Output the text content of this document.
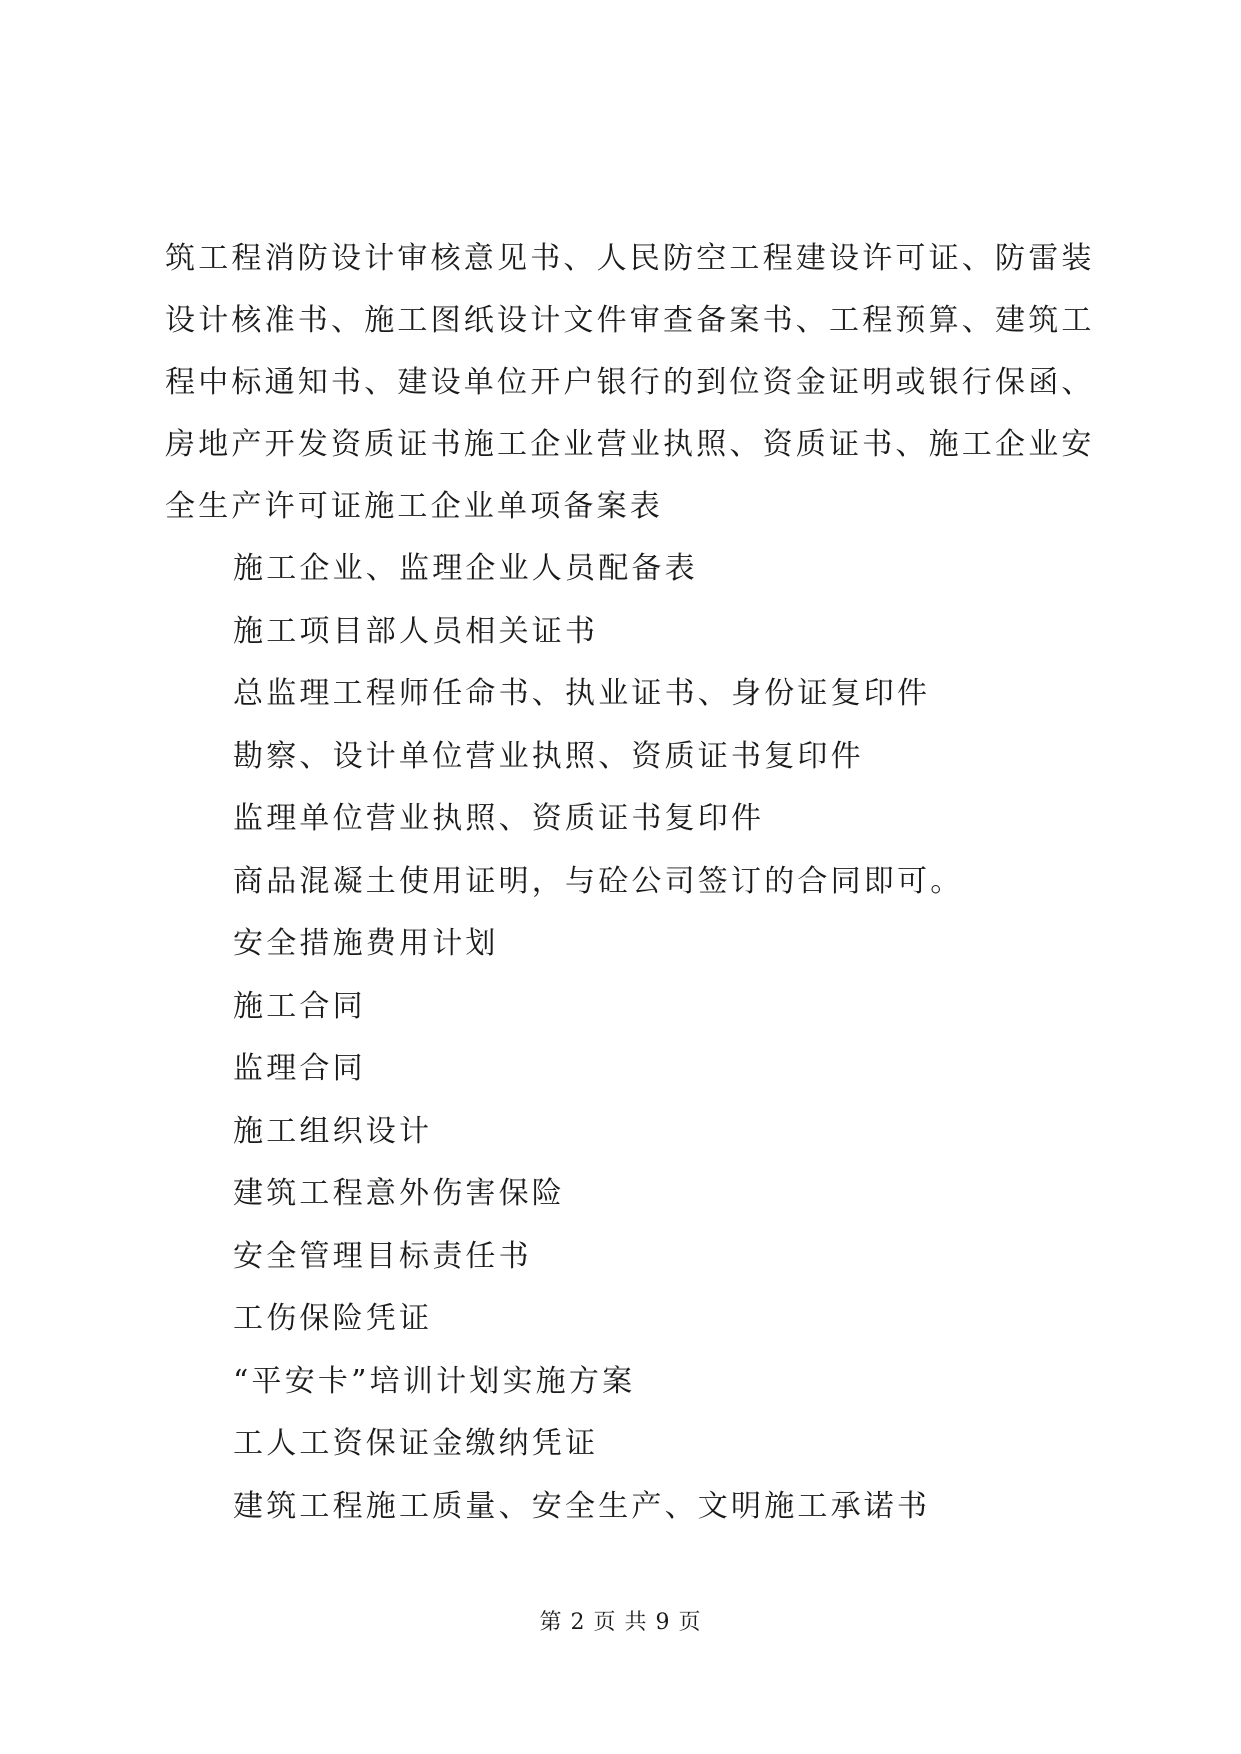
筑工程消防设计审核意见书、人民防空工程建设许可证、防雷装

设计核准书、施工图纸设计文件审查备案书、工程预算、建筑工

程中标通知书、建设单位开户银行的到位资金证明或银行保函、

房地产开发资质证书施工企业营业执照、资质证书、施工企业安

全生产许可证施工企业单项备案表

施工企业、监理企业人员配备表

施工项目部人员相关证书

总监理工程师任命书、执业证书、身份证复印件

勘察、设计单位营业执照、资质证书复印件

监理单位营业执照、资质证书复印件

商品混凝土使用证明，与砼公司签订的合同即可。

安全措施费用计划

施工合同

监理合同

施工组织设计

建筑工程意外伤害保险

安全管理目标责任书

工伤保险凭证

“平安卡”培训计划实施方案

工人工资保证金缴纳凭证

建筑工程施工质量、安全生产、文明施工承诺书

第 2 页 共 9 页
